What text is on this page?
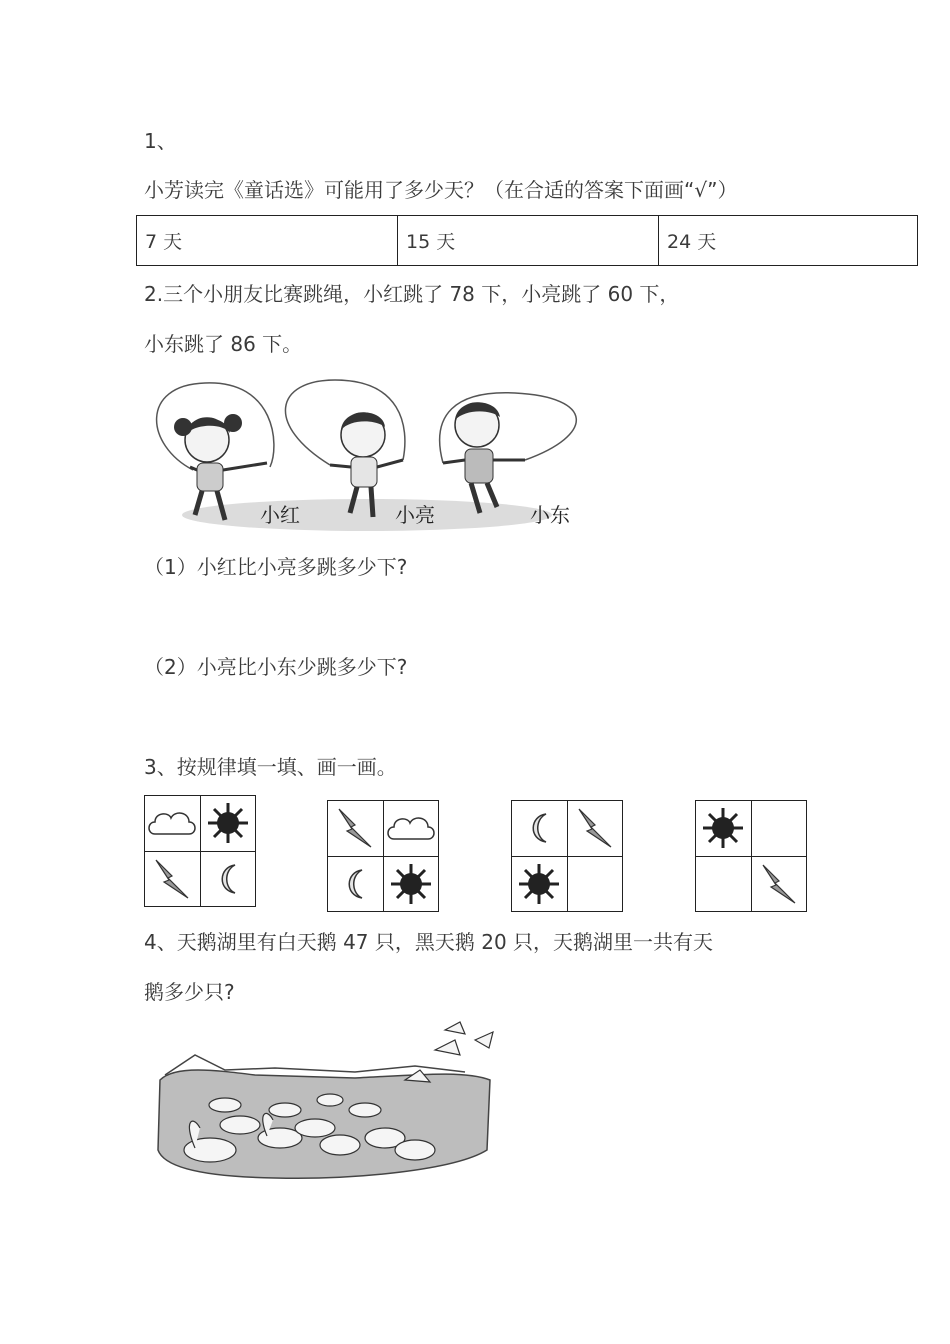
1、
小芳读完《童话选》可能用了多少天？（在合适的答案下面画“√”）
7 天	15 天	24 天
2.三个小朋友比赛跳绳，小红跳了 78 下，小亮跳了 60 下，
小东跳了 86 下。
小红	小亮	小东
（1）小红比小亮多跳多少下?
（2）小亮比小东少跳多少下?
3、按规律填一填、画一画。
4、天鹅湖里有白天鹅 47 只，黑天鹅 20 只，天鹅湖里一共有天
鹅多少只?
